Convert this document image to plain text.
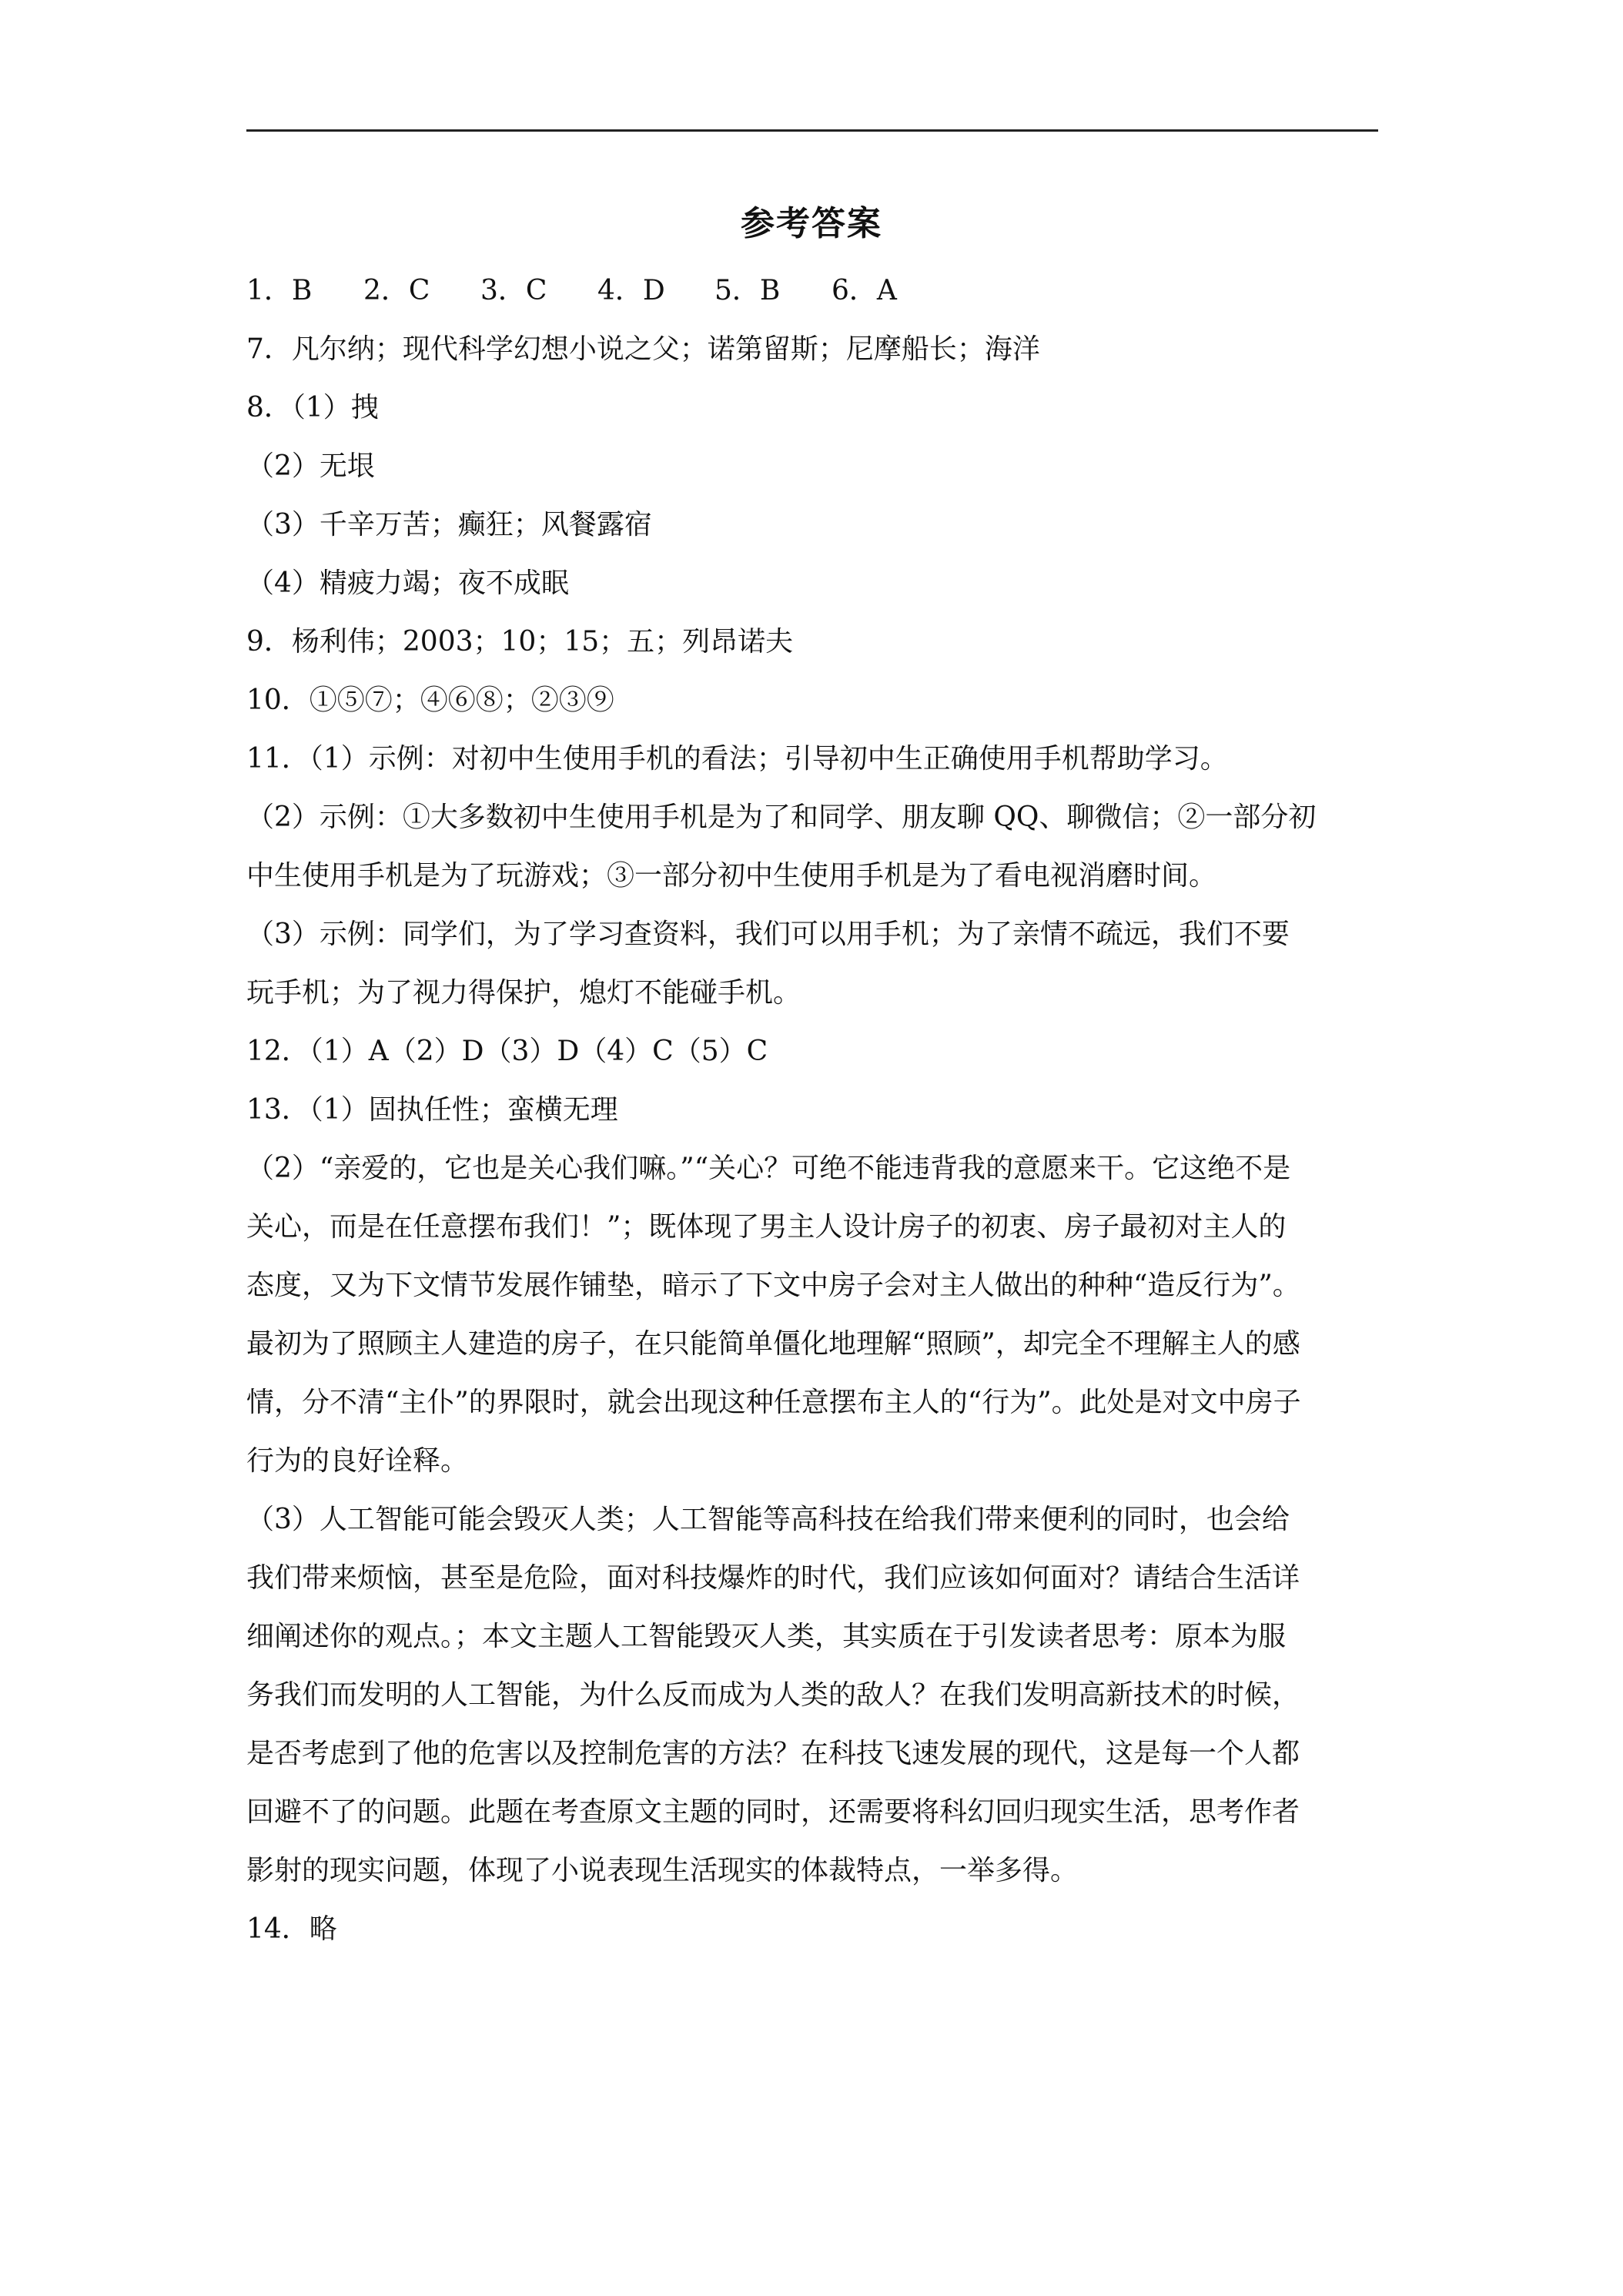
参考答案
1．B	2．C	3．C	4．D	5．B	6．A
7．凡尔纳；现代科学幻想小说之父；诺第留斯；尼摩船长；海洋
8．（1）拽
（2）无垠
（3）千辛万苦；癫狂；风餐露宿
（4）精疲力竭；夜不成眠
9．杨利伟；2003；10；15；五；列昂诺夫
10．①⑤⑦；④⑥⑧；②③⑨
11．（1）示例：对初中生使用手机的看法；引导初中生正确使用手机帮助学习。
（2）示例：①大多数初中生使用手机是为了和同学、朋友聊 QQ、聊微信；②一部分初
中生使用手机是为了玩游戏；③一部分初中生使用手机是为了看电视消磨时间。
（3）示例：同学们，为了学习查资料，我们可以用手机；为了亲情不疏远，我们不要
玩手机；为了视力得保护，熄灯不能碰手机。
12．（1）A（2）D（3）D（4）C（5）C
13．（1）固执任性；蛮横无理
（2）“亲爱的，它也是关心我们嘛。”“关心？可绝不能违背我的意愿来干。它这绝不是
关心，而是在任意摆布我们！”；既体现了男主人设计房子的初衷、房子最初对主人的
态度，又为下文情节发展作铺垫，暗示了下文中房子会对主人做出的种种“造反行为”。
最初为了照顾主人建造的房子，在只能简单僵化地理解“照顾”，却完全不理解主人的感
情，分不清“主仆”的界限时，就会出现这种任意摆布主人的“行为”。此处是对文中房子
行为的良好诠释。
（3）人工智能可能会毁灭人类；人工智能等高科技在给我们带来便利的同时，也会给
我们带来烦恼，甚至是危险，面对科技爆炸的时代，我们应该如何面对？请结合生活详
细阐述你的观点。；本文主题人工智能毁灭人类，其实质在于引发读者思考：原本为服
务我们而发明的人工智能，为什么反而成为人类的敌人？在我们发明高新技术的时候，
是否考虑到了他的危害以及控制危害的方法？在科技飞速发展的现代，这是每一个人都
回避不了的问题。此题在考查原文主题的同时，还需要将科幻回归现实生活，思考作者
影射的现实问题，体现了小说表现生活现实的体裁特点，一举多得。
14．略
